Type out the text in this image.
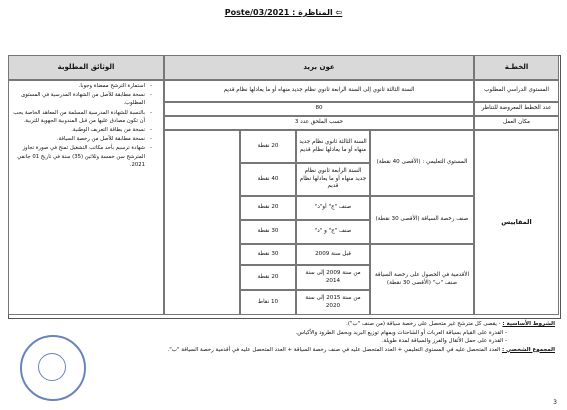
⇦ المناظرة : 2021/Poste/03
الخطـة
عون بريد
الوثائق المطلوبة
المستوى الدراسي المطلوب
السنة الثالثة ثانوي إلى السنة الرابعة ثانوي نظام جديد منهاه أو ما يعادلها نظام قديم
عدد الخطط المعروضة للتناظر
80
مكان العمل
حسب الملحق عدد 3
المقاييس
المستوى التعليمي : (الأقصى 40 نقطة)
السنة الثالثة ثانوي نظام جديد منهاه أو ما يعادلها نظام قديم
20 نقطة
السنة الرابعة ثانوي نظام جديد منهاه أو ما يعادلها نظام قديم
40 نقطة
صنف رخصة السياقة (الأقصى 30 نقطة)
صنف "ج" أو"د"
20 نقطة
صنف "ج" و "د"
30 نقطة
الأقدمية في الحصول على رخصة السياقة صنف "ب" (الأقصى 30 نقطة)
قبل سنة 2009
30 نقطة
من سنة 2009 إلى سنة 2014
20 نقطة
من سنة 2015 إلى سنة 2020
10 نقاط
- استمارة الترشح ممضاة وجوبا.
- نسخة مطابقة للأصل من الشهادة المدرسية في المستوى المطلوب.
- بالنسبة للشهادة المدرسية المسلمة من المعاهد الخاصة يجب أن تكون مصادق عليها من قبل المندوبية الجهوية للتربية.
- نسخة من بطاقة التعريف الوطنية.
- نسخة مطابقة للأصل من رخصة السياقة.
- شهادة ترسيم بأحد مكاتب التشغيل تمنح في صورة تجاوز المترشح سن خمسة وثلاثين (35) سنة في تاريخ 01 جانفي 2021.
الشروط الأساسية : - يقصى كل مترشح غير متحصل على رخصة سياقة (من صنف "ب").
- القدرة على القيام بسياقة العربات أو الشاحنات وبمهام توزيع البريد وبحمل الطرود والأكياس.
- القدرة على حمل الأثقال والفرز والسياقة لمدة طويلة.
المجموع الشخصي : العدد المتحصل عليه في المستوى التعليمي + العدد المتحصل عليه في صنف رخصة السياقة + العدد المتحصل عليه في أقدمية رخصة السياقة "ب".
3
